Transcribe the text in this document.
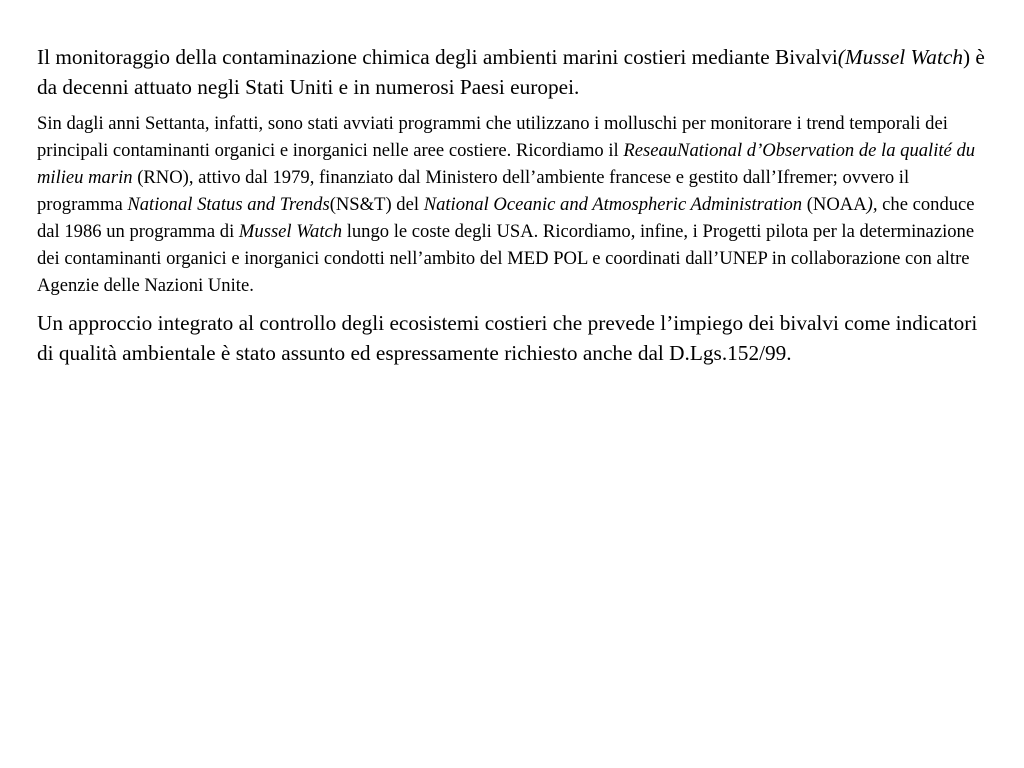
Il monitoraggio della contaminazione chimica degli ambienti marini costieri mediante Bivalvi(Mussel Watch) è da decenni attuato negli Stati Uniti e in numerosi Paesi europei.

Sin dagli anni Settanta, infatti, sono stati avviati programmi che utilizzano i molluschi per monitorare i trend temporali dei principali contaminanti organici e inorganici nelle aree costiere. Ricordiamo il ReseauNational d’Observation de la qualité du milieu marin (RNO), attivo dal 1979, finanziato dal Ministero dell’ambiente francese e gestito dall’Ifremer; ovvero il programma National Status and Trends(NS&T) del National Oceanic and Atmospheric Administration (NOAA), che conduce dal 1986 un programma di Mussel Watch lungo le coste degli USA. Ricordiamo, infine, i Progetti pilota per la determinazione dei contaminanti organici e inorganici condotti nell’ambito del MED POL e coordinati dall’UNEP in collaborazione con altre Agenzie delle Nazioni Unite.

Un approccio integrato al controllo degli ecosistemi costieri che prevede l’impiego dei bivalvi come indicatori di qualità ambientale è stato assunto ed espressamente richiesto anche dal D.Lgs.152/99.
